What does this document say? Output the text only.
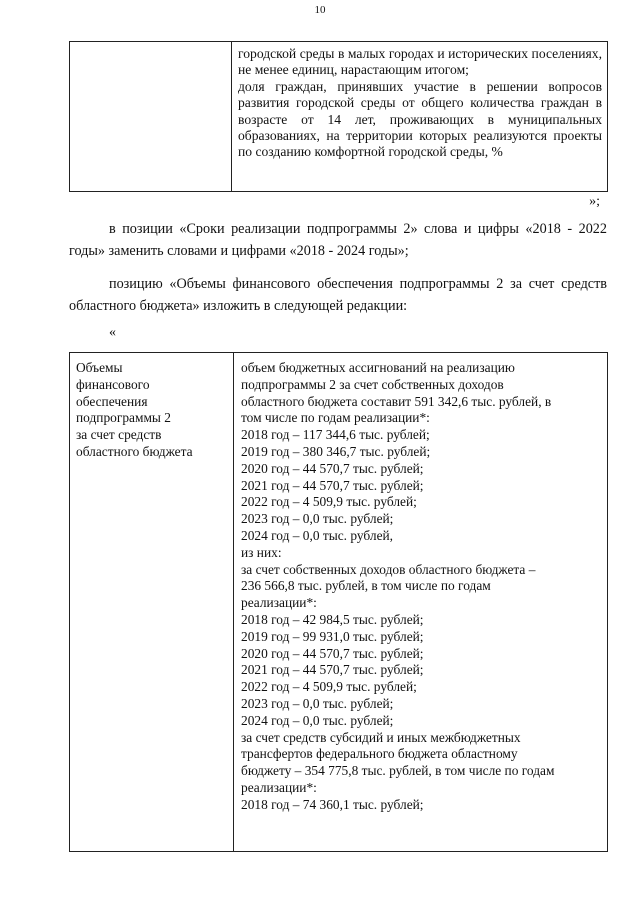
10

городской среды в малых городах и исторических поселениях, не менее единиц, нарастающим итогом;

доля граждан, принявших участие в решении вопросов развития городской среды от общего количества граждан в возрасте от 14 лет, проживающих в муниципальных образованиях, на территории которых реализуются проекты по созданию комфортной городской среды, %

»;

в позиции «Сроки реализации подпрограммы 2» слова и цифры «2018 - 2022 годы» заменить словами и цифрами «2018 - 2024 годы»;

позицию «Объемы финансового обеспечения подпрограммы 2 за счет средств областного бюджета» изложить в следующей редакции:

«
Объемы
финансового
обеспечения
подпрограммы 2
за счет средств
областного бюджета
объем бюджетных ассигнований на реализацию
подпрограммы 2 за счет собственных доходов
областного бюджета составит 591 342,6 тыс. рублей, в
том числе по годам реализации*:
2018 год – 117 344,6 тыс. рублей;
2019 год – 380 346,7 тыс. рублей;
2020 год – 44 570,7 тыс. рублей;
2021 год – 44 570,7 тыс. рублей;
2022 год – 4 509,9 тыс. рублей;
2023 год – 0,0 тыс. рублей;
2024 год – 0,0 тыс. рублей,
из них:
за счет собственных доходов областного бюджета –
236 566,8 тыс. рублей, в том числе по годам
реализации*:
2018 год – 42 984,5 тыс. рублей;
2019 год – 99 931,0 тыс. рублей;
2020 год – 44 570,7 тыс. рублей;
2021 год – 44 570,7 тыс. рублей;
2022 год – 4 509,9 тыс. рублей;
2023 год – 0,0 тыс. рублей;
2024 год – 0,0 тыс. рублей;
за счет средств субсидий и иных межбюджетных
трансфертов федерального бюджета областному
бюджету – 354 775,8 тыс. рублей, в том числе по годам
реализации*:
2018 год – 74 360,1 тыс. рублей;
